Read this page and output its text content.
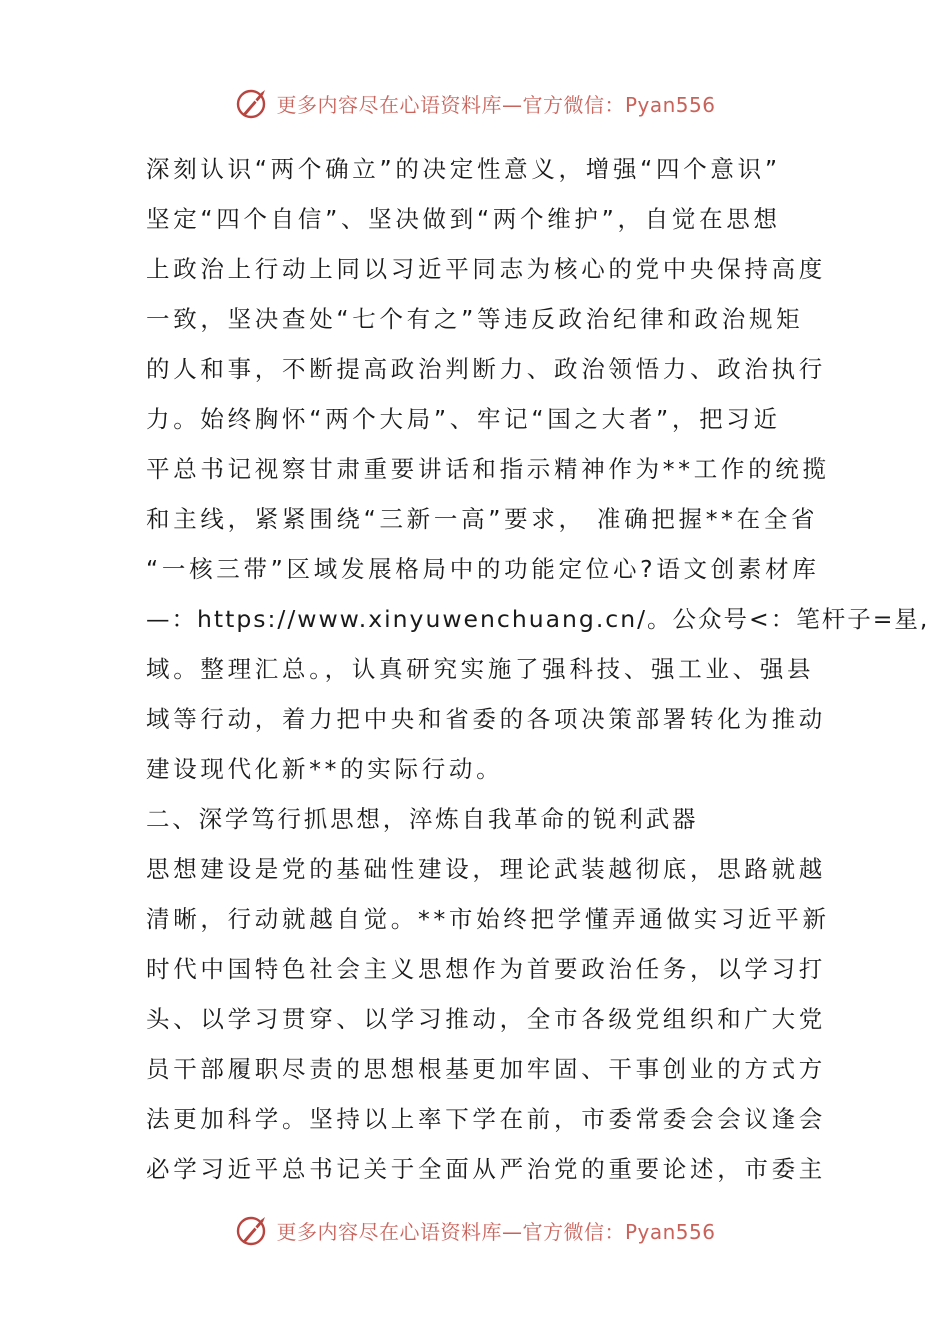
更多内容尽在心语资料库—官方微信：Pyan556
深刻认识“两个确立”的决定性意义，增强“四个意识”
坚定“四个自信”、坚决做到“两个维护”，自觉在思想
上政治上行动上同以习近平同志为核心的党中央保持高度
一致，坚决查处“七个有之”等违反政治纪律和政治规矩
的人和事，不断提高政治判断力、政治领悟力、政治执行
力。始终胸怀“两个大局”、牢记“国之大者”，把习近
平总书记视察甘肃重要讲话和指示精神作为**工作的统揽
和主线，紧紧围绕“三新一高”要求， 准确把握**在全省
“一核三带”区域发展格局中的功能定位心?语文创素材库
—：https://www.xinyuwenchuang.cn/。公众号<：笔杆子=星,
域。整理汇总。，认真研究实施了强科技、强工业、强县
域等行动，着力把中央和省委的各项决策部署转化为推动
建设现代化新**的实际行动。
二、深学笃行抓思想，淬炼自我革命的锐利武器
思想建设是党的基础性建设，理论武装越彻底，思路就越
清晰，行动就越自觉。**市始终把学懂弄通做实习近平新
时代中国特色社会主义思想作为首要政治任务，以学习打
头、以学习贯穿、以学习推动，全市各级党组织和广大党
员干部履职尽责的思想根基更加牢固、干事创业的方式方
法更加科学。坚持以上率下学在前，市委常委会会议逢会
必学习近平总书记关于全面从严治党的重要论述，市委主
更多内容尽在心语资料库—官方微信：Pyan556
